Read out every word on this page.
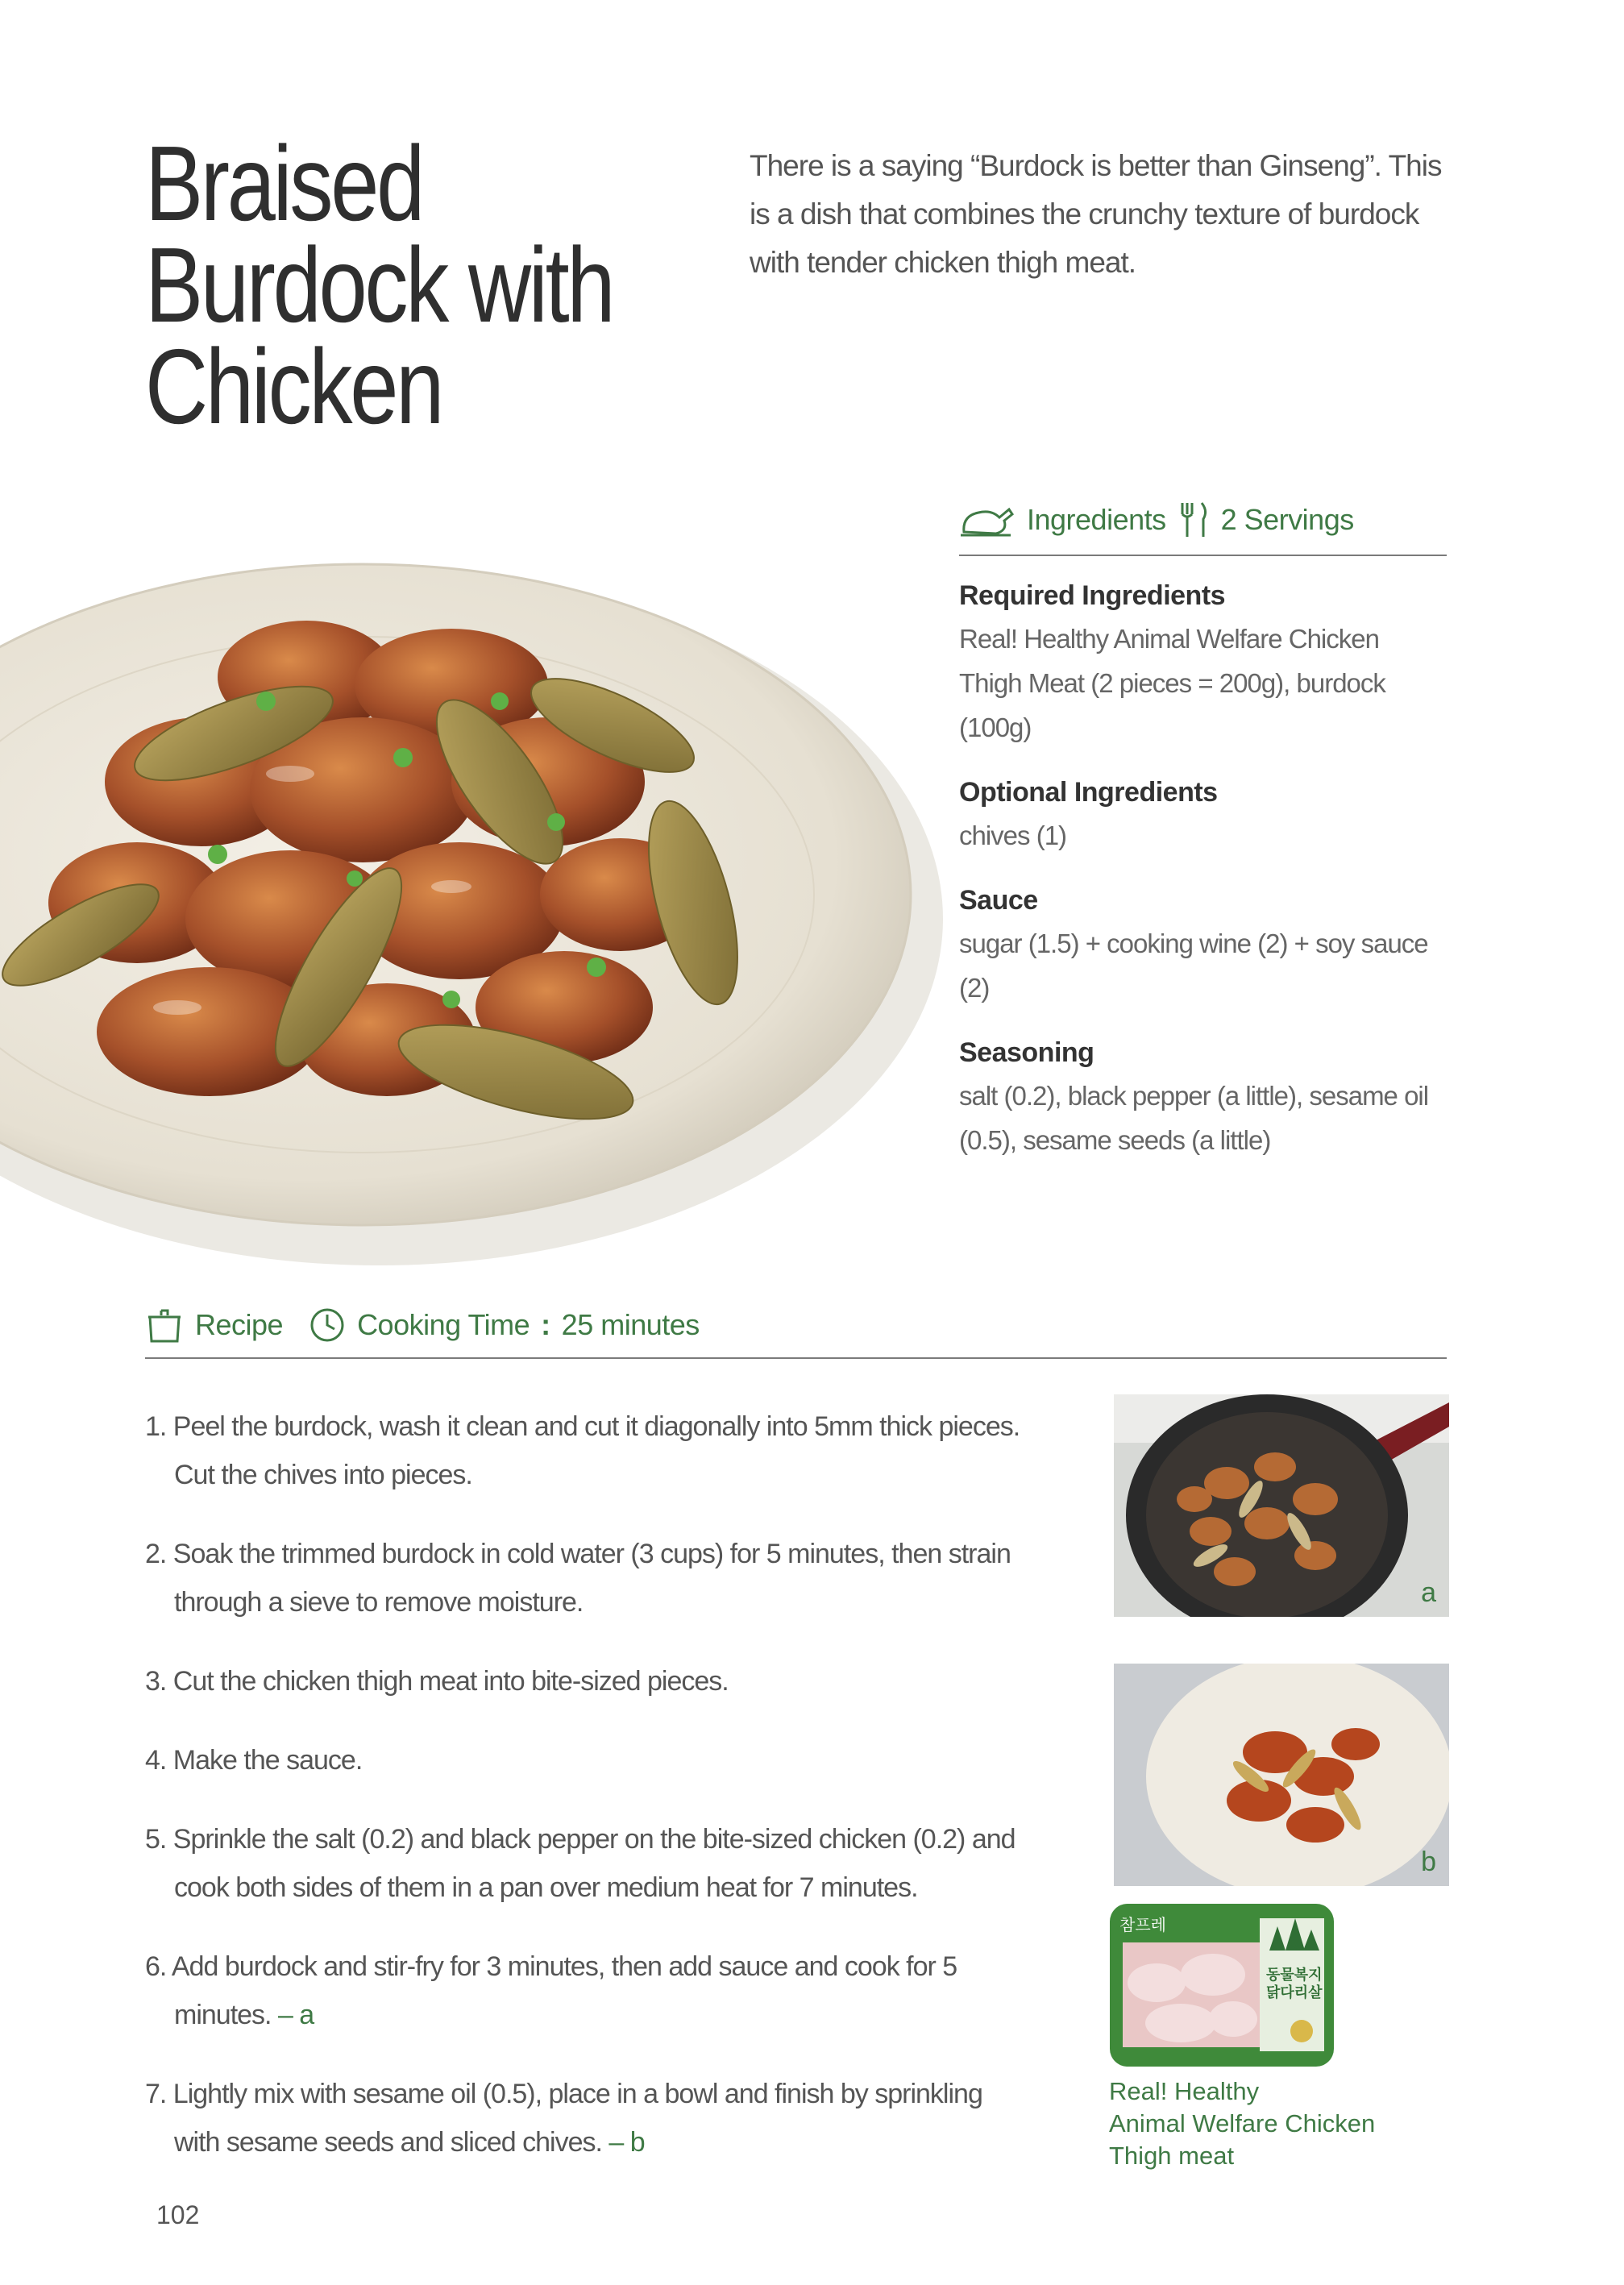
Braised
Burdock with
Chicken
There is a saying “Burdock is better than Ginseng”. This is a dish that combines the crunchy texture of burdock with tender chicken thigh meat.
Ingredients 2 Servings
Required Ingredients

Real! Healthy Animal Welfare Chicken Thigh Meat (2 pieces = 200g), burdock (100g)

Optional Ingredients

chives (1)

Sauce

sugar (1.5) + cooking wine (2) + soy sauce (2)

Seasoning

salt (0.2), black pepper (a little), sesame oil (0.5), sesame seeds (a little)

Recipe	Cooking Time : 25 minutes
1. Peel the burdock, wash it clean and cut it diagonally into 5mm thick pieces. Cut the chives into pieces.
2. Soak the trimmed burdock in cold water (3 cups) for 5 minutes, then strain through a sieve to remove moisture.
3. Cut the chicken thigh meat into bite-sized pieces.
4. Make the sauce.
5. Sprinkle the salt (0.2) and black pepper on the bite-sized chicken (0.2) and cook both sides of them in a pan over medium heat for 7 minutes.
6. Add burdock and stir-fry for 3 minutes, then add sauce and cook for 5 minutes. – a
7. Lightly mix with sesame oil (0.5), place in a bowl and finish by sprinkling with sesame seeds and sliced chives. – b
a
b
참프레
동물복지 닭다리살
Real! Healthy
Animal Welfare Chicken
Thigh meat
102
